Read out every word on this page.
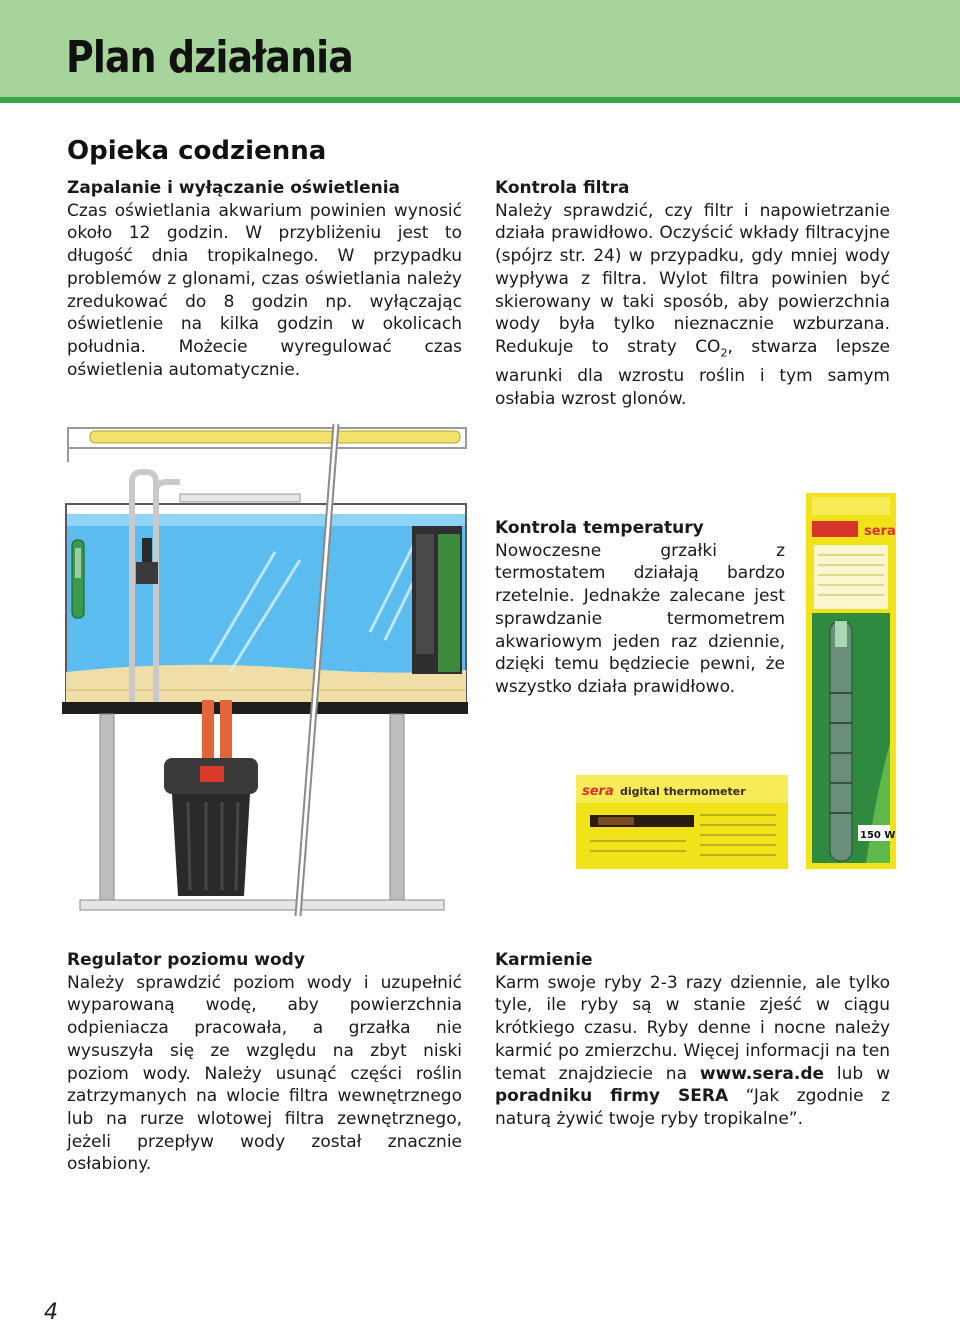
Plan działania
Opieka codzienna
Zapalanie i wyłączanie oświetlenia

Czas oświetlania akwarium powinien wynosić około 12 godzin. W przybliżeniu jest to długość dnia tropikalnego. W przypadku problemów z glonami, czas oświetlania należy zredukować do 8 godzin np. wyłączając oświetlenie na kilka godzin w okolicach południa. Możecie wyregulować czas oświetlenia automatycznie.

Kontrola filtra

Należy sprawdzić, czy filtr i napowietrzanie działa prawidłowo. Oczyścić wkłady filtracyjne (spójrz str. 24) w przypadku, gdy mniej wody wypływa z filtra. Wylot filtra powinien być skierowany w taki sposób, aby powierzchnia wody była tylko nieznacznie wzburzana. Redukuje to straty $CO_2$, stwarza lepsze warunki dla wzrostu roślin i tym samym osłabia wzrost glonów.

Kontrola temperatury

Nowoczesne grzałki z termostatem działają bardzo rzetelnie. Jednakże zalecane jest sprawdzanie termometrem akwariowym jeden raz dziennie, dzięki temu będziecie pewni, że wszystko działa prawidłowo.

sera
150 W
sera digital thermometer
Regulator poziomu wody

Należy sprawdzić poziom wody i uzupełnić wyparowaną wodę, aby powierzchnia odpieniacza pracowała, a grzałka nie wysuszyła się ze względu na zbyt niski poziom wody. Należy usunąć części roślin zatrzymanych na wlocie filtra wewnętrznego lub na rurze wlotowej filtra zewnętrznego, jeżeli przepływ wody został znacznie osłabiony.

Karmienie

Karm swoje ryby 2-3 razy dziennie, ale tylko tyle, ile ryby są w stanie zjeść w ciągu krótkiego czasu. Ryby denne i nocne należy karmić po zmierzchu. Więcej informacji na ten temat znajdziecie na www.sera.de lub w poradniku firmy SERA “Jak zgodnie z naturą żywić twoje ryby tropikalne”.

4
